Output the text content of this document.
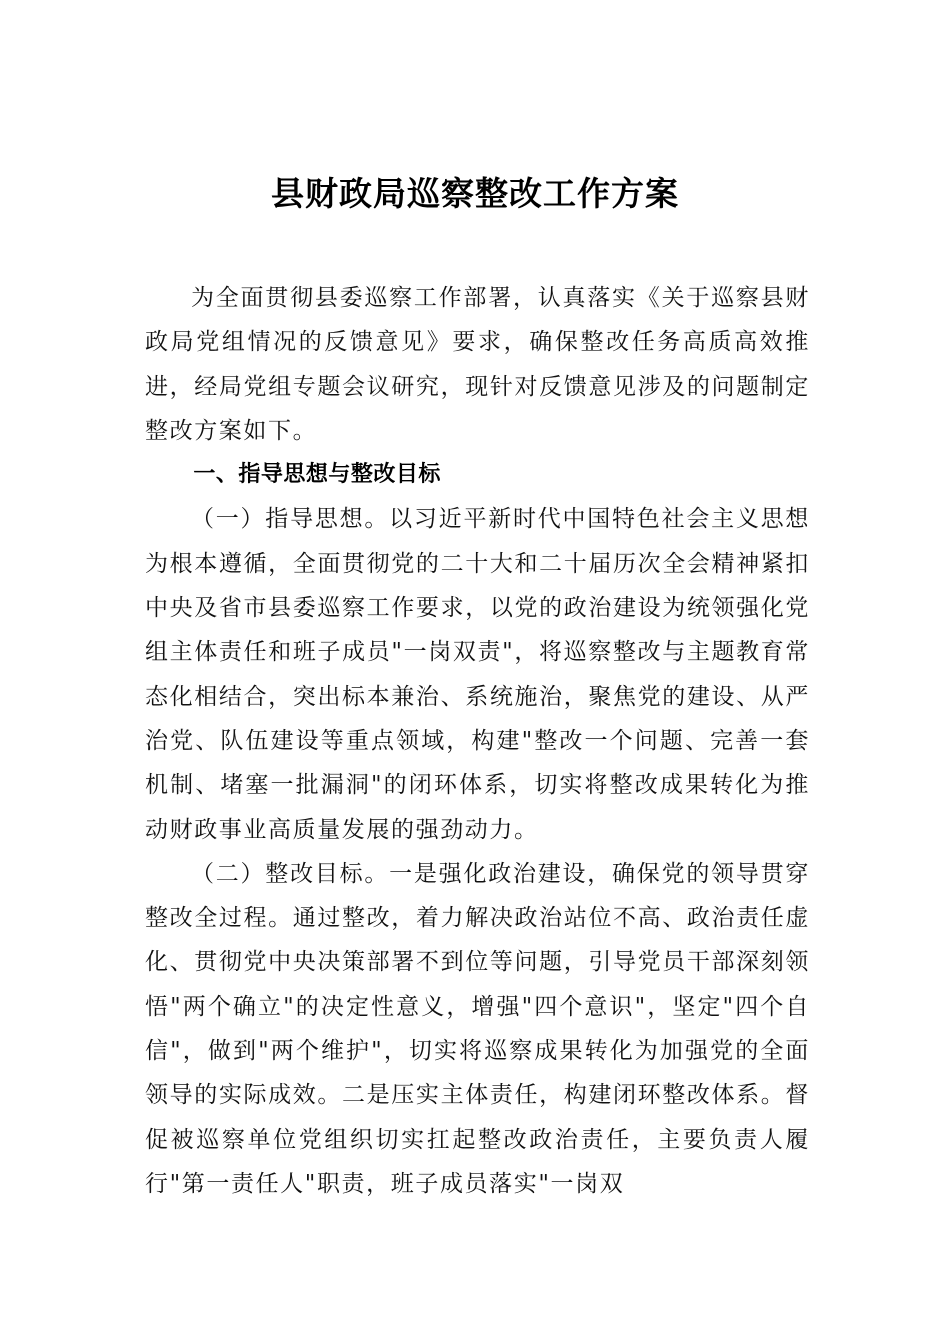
县财政局巡察整改工作方案

为全面贯彻县委巡察工作部署，认真落实《关于巡察县财政局党组情况的反馈意见》要求，确保整改任务高质高效推进，经局党组专题会议研究，现针对反馈意见涉及的问题制定整改方案如下。

一、指导思想与整改目标

（一）指导思想。以习近平新时代中国特色社会主义思想为根本遵循，全面贯彻党的二十大和二十届历次全会精神紧扣中央及省市县委巡察工作要求，以党的政治建设为统领强化党组主体责任和班子成员"一岗双责"，将巡察整改与主题教育常态化相结合，突出标本兼治、系统施治，聚焦党的建设、从严治党、队伍建设等重点领域，构建"整改一个问题、完善一套机制、堵塞一批漏洞"的闭环体系，切实将整改成果转化为推动财政事业高质量发展的强劲动力。

（二）整改目标。一是强化政治建设，确保党的领导贯穿整改全过程。通过整改，着力解决政治站位不高、政治责任虚化、贯彻党中央决策部署不到位等问题，引导党员干部深刻领悟"两个确立"的决定性意义，增强"四个意识"，坚定"四个自信"，做到"两个维护"，切实将巡察成果转化为加强党的全面领导的实际成效。二是压实主体责任，构建闭环整改体系。督促被巡察单位党组织切实扛起整改政治责任，主要负责人履行"第一责任人"职责，班子成员落实"一岗双
